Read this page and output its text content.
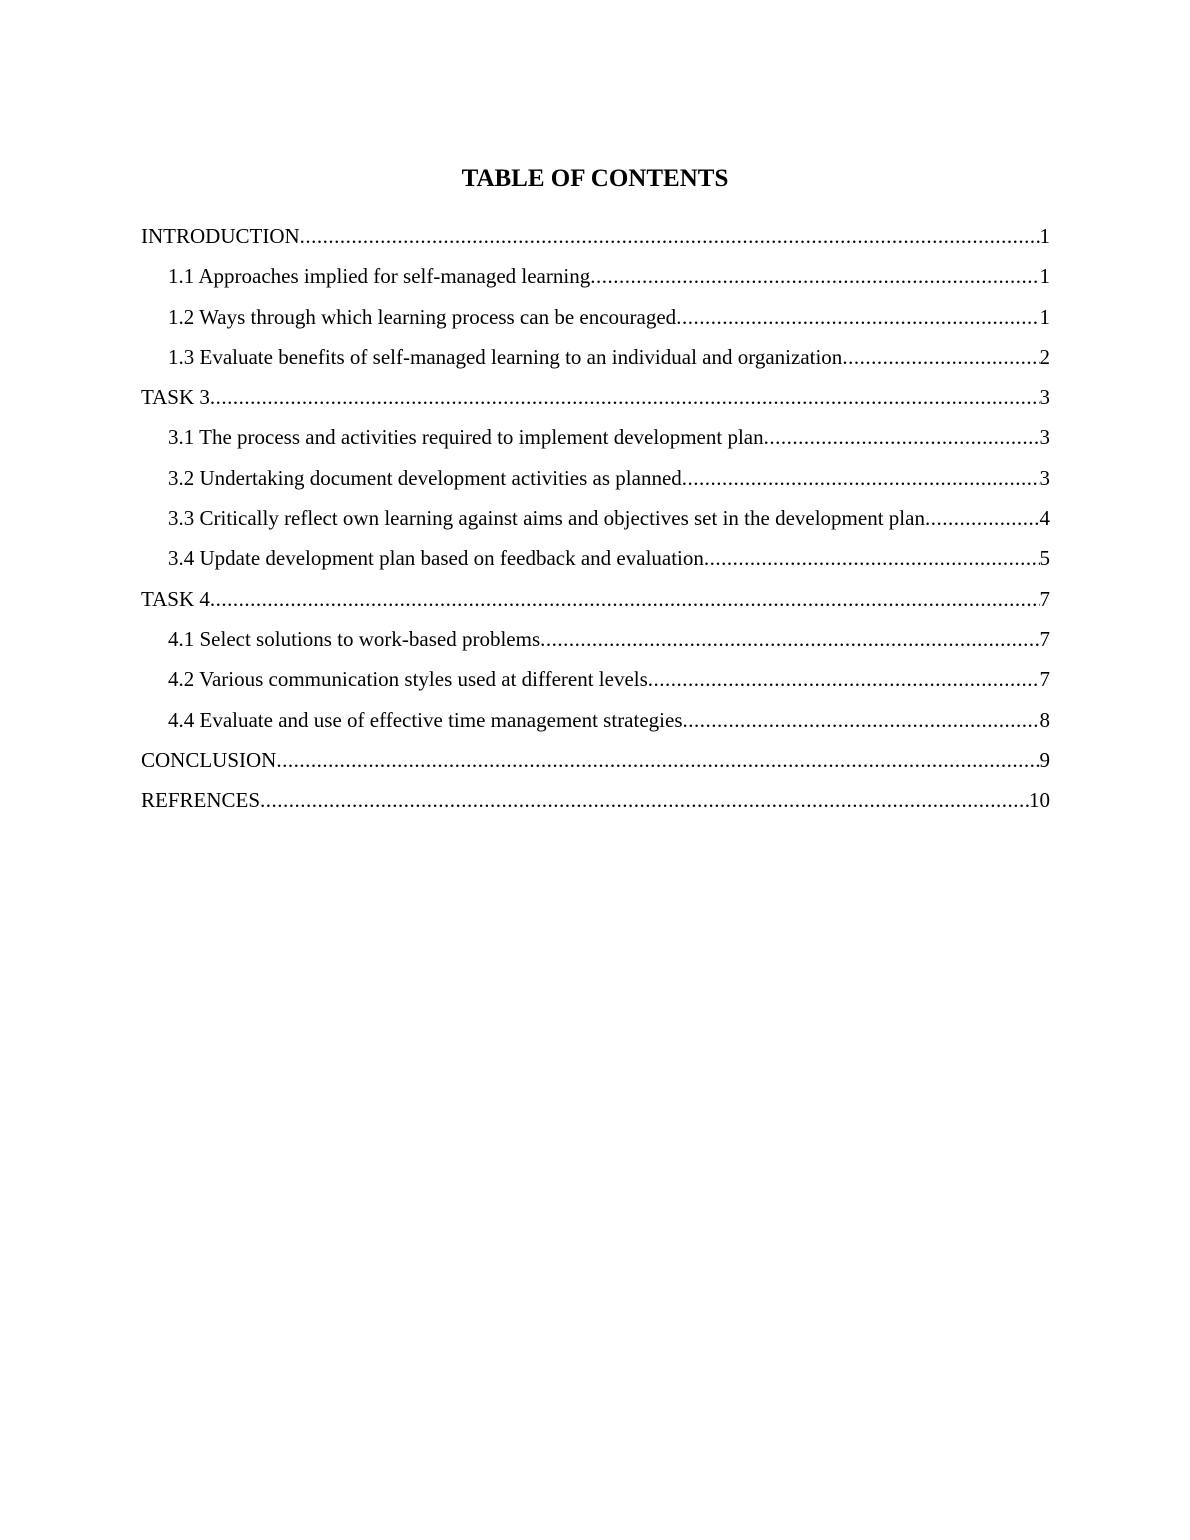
TABLE OF CONTENTS
INTRODUCTION .....	1
1.1 Approaches implied for self-managed learning .....	1
1.2 Ways through which learning process can be encouraged .....	1
1.3 Evaluate benefits of self-managed learning to an individual and organization .....	2
TASK 3 .....	3
3.1 The process and activities required to implement development plan .....	3
3.2 Undertaking document development activities as planned .....	3
3.3 Critically reflect own learning against aims and objectives set in the development plan .....	4
3.4 Update development plan based on feedback and evaluation .....	5
TASK 4 .....	7
4.1 Select solutions to work-based problems .....	7
4.2 Various communication styles used at different levels .....	7
4.4 Evaluate and use of effective time management strategies .....	8
CONCLUSION .....	9
REFRENCES .....	10
